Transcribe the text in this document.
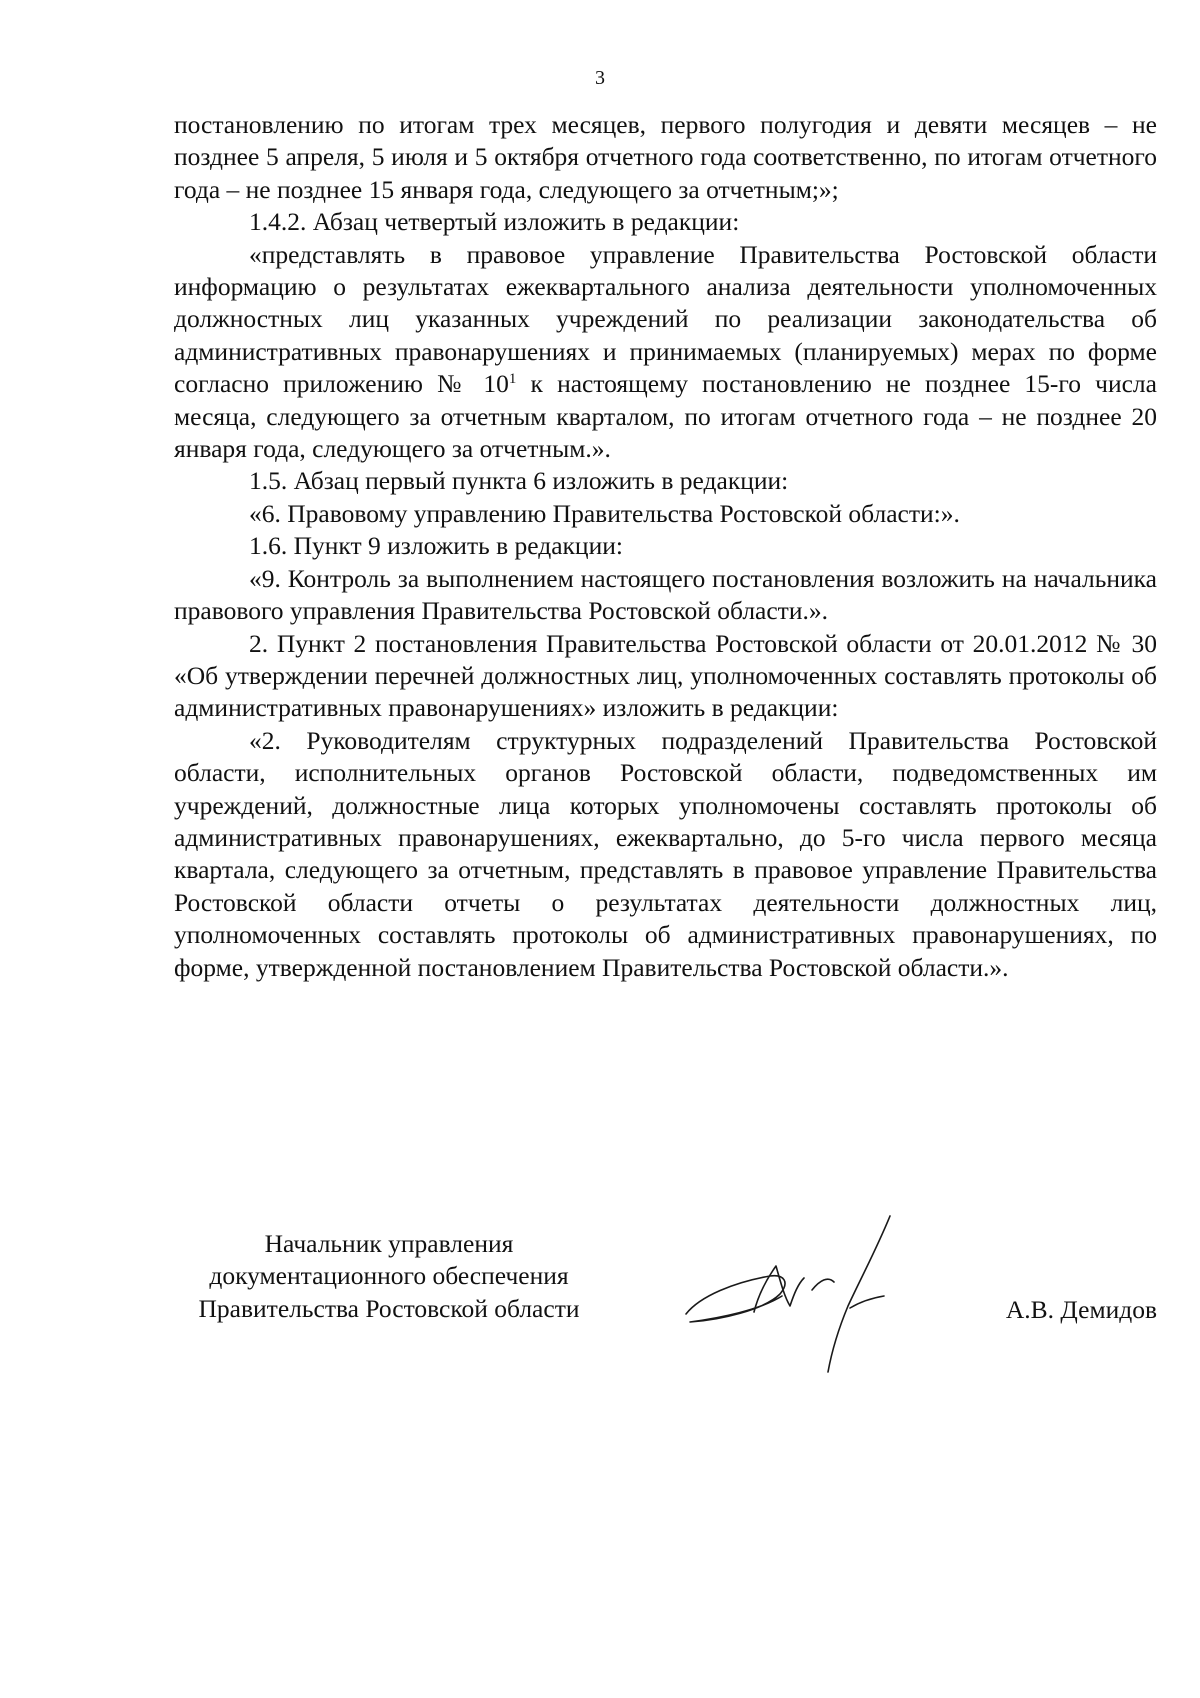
3

постановлению по итогам трех месяцев, первого полугодия и девяти месяцев – не позднее 5 апреля, 5 июля и 5 октября отчетного года соответственно, по итогам отчетного года – не позднее 15 января года, следующего за отчетным;»;

1.4.2. Абзац четвертый изложить в редакции:

«представлять в правовое управление Правительства Ростовской области информацию о результатах ежеквартального анализа деятельности уполномоченных должностных лиц указанных учреждений по реализации законодательства об административных правонарушениях и принимаемых (планируемых) мерах по форме согласно приложению № $10^1$ к настоящему постановлению не позднее 15-го числа месяца, следующего за отчетным кварталом, по итогам отчетного года – не позднее 20 января года, следующего за отчетным.».

1.5. Абзац первый пункта 6 изложить в редакции:

«6. Правовому управлению Правительства Ростовской области:».

1.6. Пункт 9 изложить в редакции:

«9. Контроль за выполнением настоящего постановления возложить на начальника правового управления Правительства Ростовской области.».

2. Пункт 2 постановления Правительства Ростовской области от 20.01.2012 № 30 «Об утверждении перечней должностных лиц, уполномоченных составлять протоколы об административных правонарушениях» изложить в редакции:

«2. Руководителям структурных подразделений Правительства Ростовской области, исполнительных органов Ростовской области, подведомственных им учреждений, должностные лица которых уполномочены составлять протоколы об административных правонарушениях, ежеквартально, до 5-го числа первого месяца квартала, следующего за отчетным, представлять в правовое управление Правительства Ростовской области отчеты о результатах деятельности должностных лиц, уполномоченных составлять протоколы об административных правонарушениях, по форме, утвержденной постановлением Правительства Ростовской области.».

Начальник управления
документационного обеспечения
Правительства Ростовской области	А.В. Демидов
